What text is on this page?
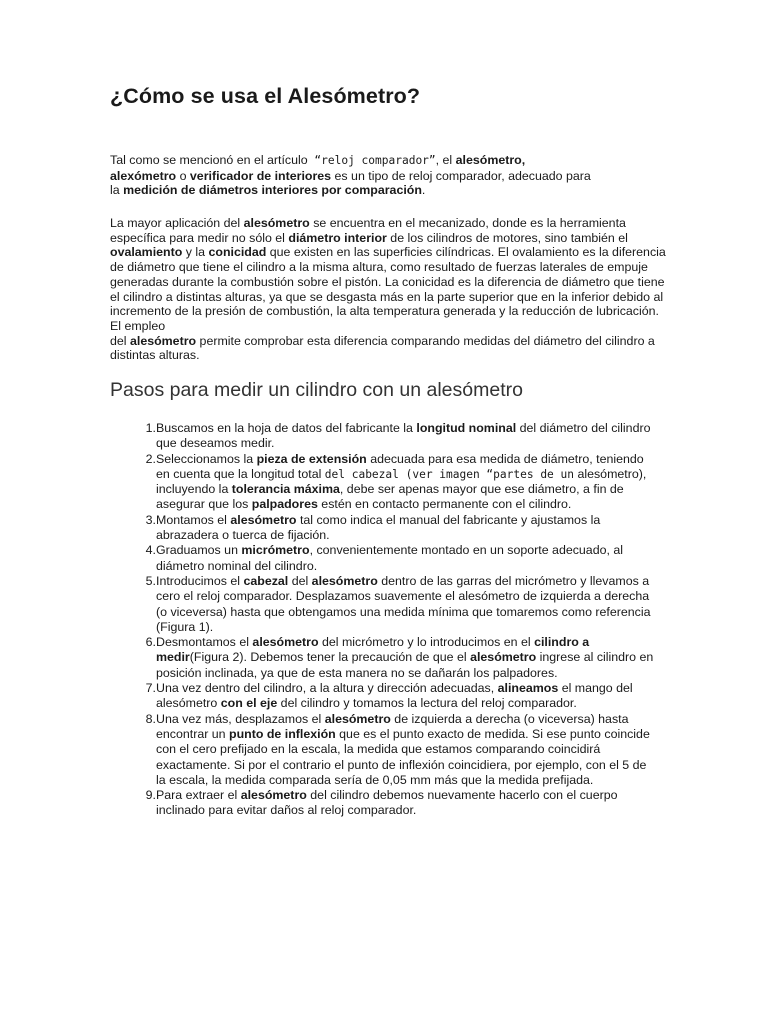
¿Cómo se usa el Alesómetro?

Tal como se mencionó en el artículo “reloj comparador”, el alesómetro,
alexómetro o verificador de interiores es un tipo de reloj comparador, adecuado para
la medición de diámetros interiores por comparación.

La mayor aplicación del alesómetro se encuentra en el mecanizado, donde es la herramienta específica para medir no sólo el diámetro interior de los cilindros de motores, sino también el ovalamiento y la conicidad que existen en las superficies cilíndricas. El ovalamiento es la diferencia de diámetro que tiene el cilindro a la misma altura, como resultado de fuerzas laterales de empuje generadas durante la combustión sobre el pistón. La conicidad es la diferencia de diámetro que tiene el cilindro a distintas alturas, ya que se desgasta más en la parte superior que en la inferior debido al incremento de la presión de combustión, la alta temperatura generada y la reducción de lubricación. El empleo
del alesómetro permite comprobar esta diferencia comparando medidas del diámetro del cilindro a distintas alturas.

Pasos para medir un cilindro con un alesómetro
1. Buscamos en la hoja de datos del fabricante la longitud nominal del diámetro del cilindro que deseamos medir.
2. Seleccionamos la pieza de extensión adecuada para esa medida de diámetro, teniendo en cuenta que la longitud total del cabezal (ver imagen “partes de un alesómetro), incluyendo la tolerancia máxima, debe ser apenas mayor que ese diámetro, a fin de asegurar que los palpadores estén en contacto permanente con el cilindro.
3. Montamos el alesómetro tal como indica el manual del fabricante y ajustamos la abrazadera o tuerca de fijación.
4. Graduamos un micrómetro, convenientemente montado en un soporte adecuado, al diámetro nominal del cilindro.
5. Introducimos el cabezal del alesómetro dentro de las garras del micrómetro y llevamos a cero el reloj comparador. Desplazamos suavemente el alesómetro de izquierda a derecha (o viceversa) hasta que obtengamos una medida mínima que tomaremos como referencia (Figura 1).
6. Desmontamos el alesómetro del micrómetro y lo introducimos en el cilindro a medir(Figura 2). Debemos tener la precaución de que el alesómetro ingrese al cilindro en posición inclinada, ya que de esta manera no se dañarán los palpadores.
7. Una vez dentro del cilindro, a la altura y dirección adecuadas, alineamos el mango del alesómetro con el eje del cilindro y tomamos la lectura del reloj comparador.
8. Una vez más, desplazamos el alesómetro de izquierda a derecha (o viceversa) hasta encontrar un punto de inflexión que es el punto exacto de medida. Si ese punto coincide con el cero prefijado en la escala, la medida que estamos comparando coincidirá exactamente. Si por el contrario el punto de inflexión coincidiera, por ejemplo, con el 5 de la escala, la medida comparada sería de 0,05 mm más que la medida prefijada.
9. Para extraer el alesómetro del cilindro debemos nuevamente hacerlo con el cuerpo inclinado para evitar daños al reloj comparador.
